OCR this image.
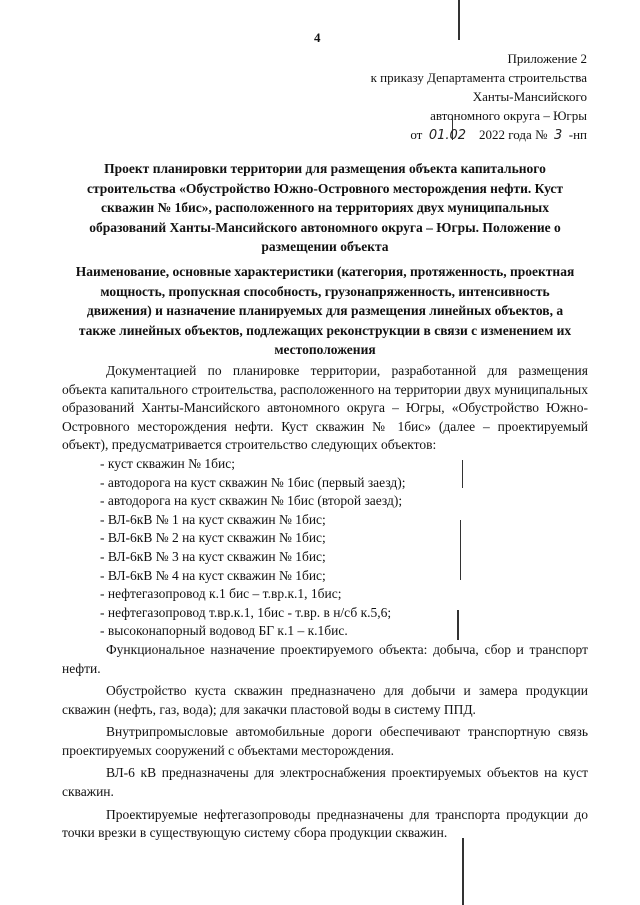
4
Приложение 2
к приказу Департамента строительства
Ханты-Мансийского
автономного округа – Югры
от 01.02 2022 года № 3 -нп

Проект планировки территории для размещения объекта капитального строительства «Обустройство Южно-Островного месторождения нефти. Куст скважин № 1бис», расположенного на территориях двух муниципальных образований Ханты-Мансийского автономного округа – Югры. Положение о размещении объекта

Наименование, основные характеристики (категория, протяженность, проектная мощность, пропускная способность, грузонапряженность, интенсивность движения) и назначение планируемых для размещения линейных объектов, а также линейных объектов, подлежащих реконструкции в связи с изменением их местоположения

Документацией по планировке территории, разработанной для размещения объекта капитального строительства, расположенного на территории двух муниципальных образований Ханты-Мансийского автономного округа – Югры, «Обустройство Южно-Островного месторождения нефти. Куст скважин № 1бис» (далее – проектируемый объект), предусматривается строительство следующих объектов:

- куст скважин № 1бис;
- автодорога на куст скважин № 1бис (первый заезд);
- автодорога на куст скважин № 1бис (второй заезд);
- ВЛ-6кВ № 1 на куст скважин № 1бис;
- ВЛ-6кВ № 2 на куст скважин № 1бис;
- ВЛ-6кВ № 3 на куст скважин № 1бис;
- ВЛ-6кВ № 4 на куст скважин № 1бис;
- нефтегазопровод к.1 бис – т.вр.к.1, 1бис;
- нефтегазопровод т.вр.к.1, 1бис - т.вр. в н/сб к.5,6;
- высоконапорный водовод БГ к.1 – к.1бис.

Функциональное назначение проектируемого объекта: добыча, сбор и транспорт нефти.

Обустройство куста скважин предназначено для добычи и замера продукции скважин (нефть, газ, вода); для закачки пластовой воды в систему ППД.

Внутрипромысловые автомобильные дороги обеспечивают транспортную связь проектируемых сооружений с объектами месторождения.

ВЛ-6 кВ предназначены для электроснабжения проектируемых объектов на куст скважин.

Проектируемые нефтегазопроводы предназначены для транспорта продукции до точки врезки в существующую систему сбора продукции скважин.
